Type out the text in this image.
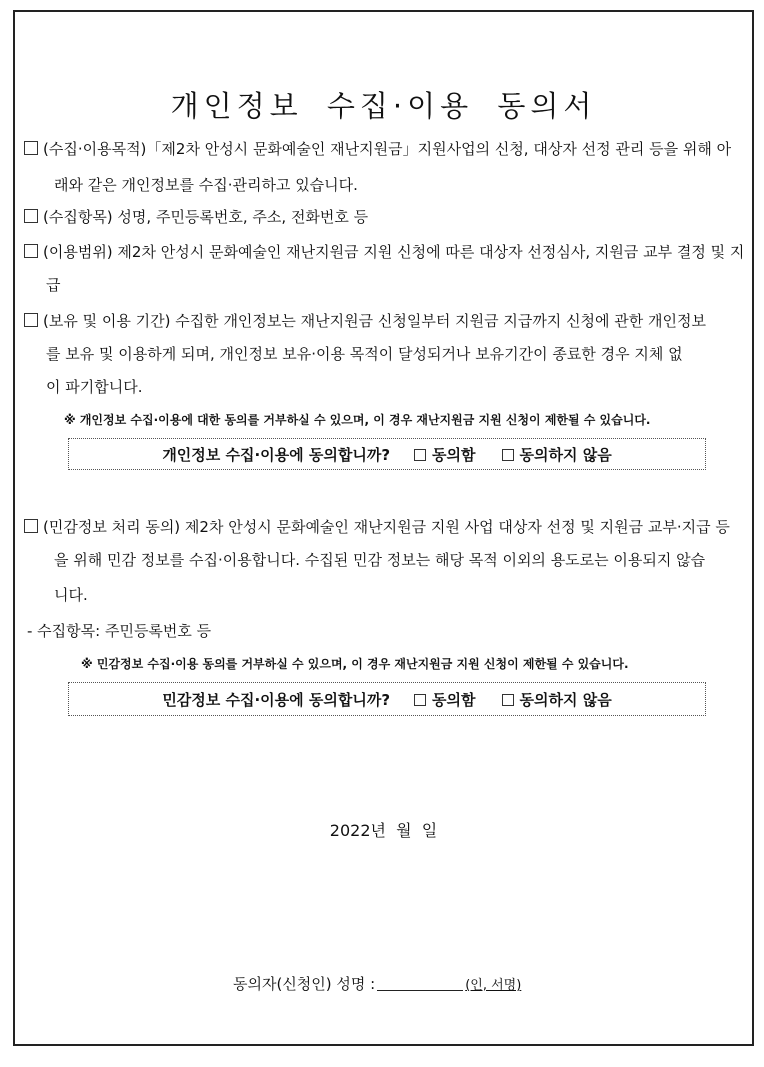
개인정보 수집·이용 동의서
(수집·이용목적)「제2차 안성시 문화예술인 재난지원금」지원사업의 신청, 대상자 선정 관리 등을 위해 아
래와 같은 개인정보를 수집·관리하고 있습니다.
(수집항목) 성명, 주민등록번호, 주소, 전화번호 등
(이용범위) 제2차 안성시 문화예술인 재난지원금 지원 신청에 따른 대상자 선정심사, 지원금 교부 결정 및 지
급
(보유 및 이용 기간) 수집한 개인정보는 재난지원금 신청일부터 지원금 지급까지 신청에 관한 개인정보
를 보유 및 이용하게 되며, 개인정보 보유·이용 목적이 달성되거나 보유기간이 종료한 경우 지체 없
이 파기합니다.
※ 개인정보 수집·이용에 대한 동의를 거부하실 수 있으며, 이 경우 재난지원금 지원 신청이 제한될 수 있습니다.
개인정보 수집·이용에 동의합니까?	동의함	동의하지 않음
(민감정보 처리 동의) 제2차 안성시 문화예술인 재난지원금 지원 사업 대상자 선정 및 지원금 교부·지급 등
을 위해 민감 정보를 수집·이용합니다. 수집된 민감 정보는 해당 목적 이외의 용도로는 이용되지 않습
니다.
- 수집항목: 주민등록번호 등
※ 민감정보 수집·이용 동의를 거부하실 수 있으며, 이 경우 재난지원금 지원 신청이 제한될 수 있습니다.
민감정보 수집·이용에 동의합니까?	동의함	동의하지 않음
2022년  월  일
동의자(신청인) 성명 :	(인, 서명)
